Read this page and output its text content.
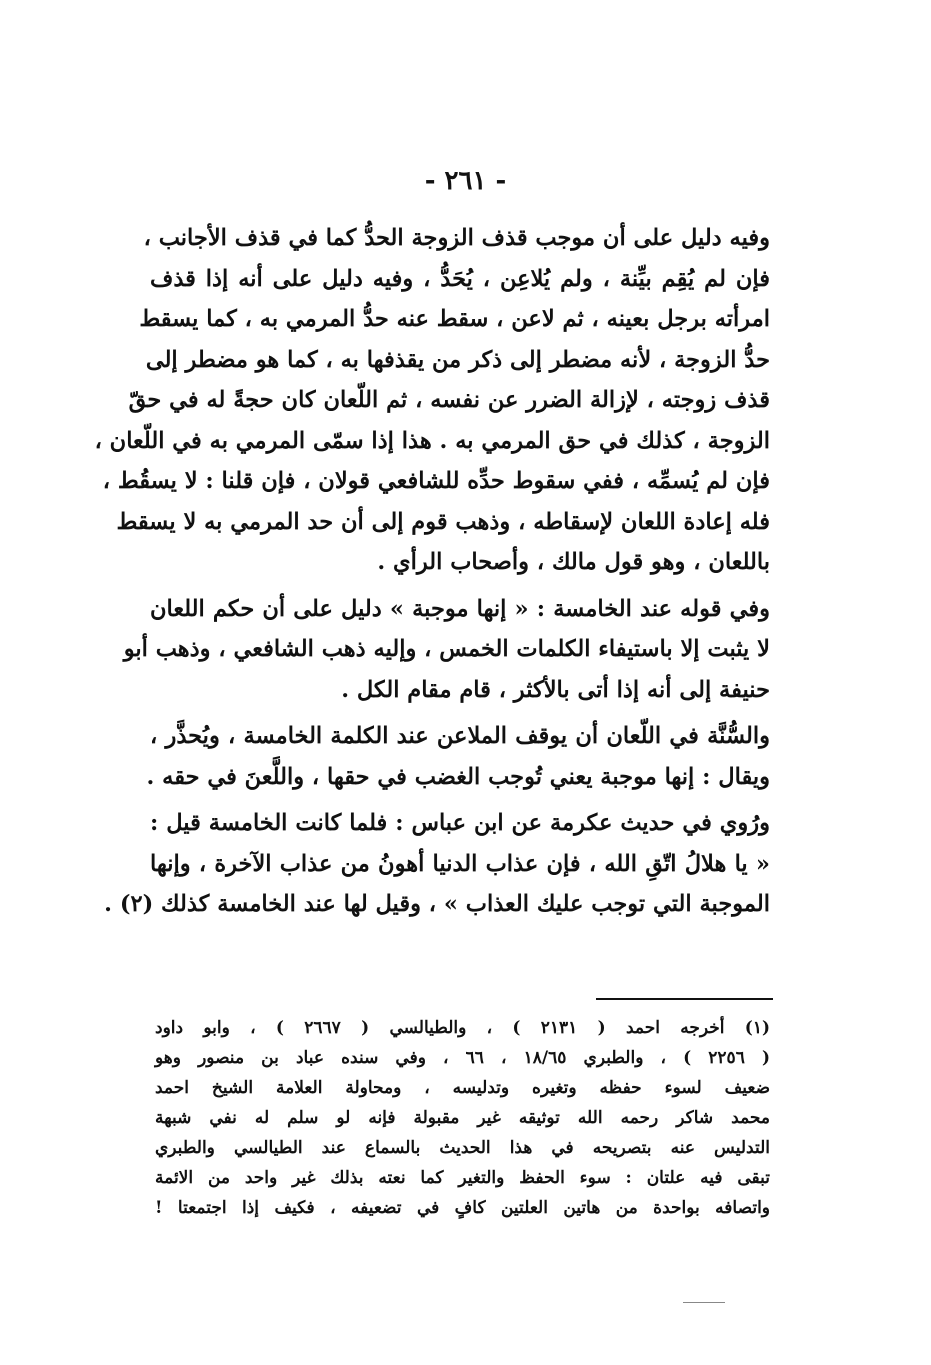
- ٢٦١ -
وفيه دليل على أن موجب قذف الزوجة الحدُّ كما في قذف الأجانب ،
فإن لم يُقِم بيِّنة ، ولم يُلاعِن ، يُحَدُّ ، وفيه دليل على أنه إذا قذف
امرأته برجل بعينه ، ثم لاعن ، سقط عنه حدُّ المرمي به ، كما يسقط
حدُّ الزوجة ، لأنه مضطر إلى ذكر من يقذفها به ، كما هو مضطر إلى
قذف زوجته ، لإزالة الضرر عن نفسه ، ثم اللّعان كان حجةً له في حقّ
الزوجة ، كذلك في حق المرمي به . هذا إذا سمّى المرمي به في اللّعان ،
فإن لم يُسمِّه ، ففي سقوط حدِّه للشافعي قولان ، فإن قلنا : لا يسقُط ،
فله إعادة اللعان لإسقاطه ، وذهب قوم إلى أن حد المرمي به لا يسقط
باللعان ، وهو قول مالك ، وأصحاب الرأي .
وفي قوله عند الخامسة : « إنها موجبة » دليل على أن حكم اللعان
لا يثبت إلا باستيفاء الكلمات الخمس ، وإليه ذهب الشافعي ، وذهب أبو
حنيفة إلى أنه إذا أتى بالأكثر ، قام مقام الكل .
والسُّنَّة في اللّعان أن يوقف الملاعن عند الكلمة الخامسة ، ويُحذَّر ،
ويقال : إنها موجبة يعني تُوجب الغضب في حقها ، واللَّعنَ في حقه .
ورُوي في حديث عكرمة عن ابن عباس : فلما كانت الخامسة قيل :
« يا هلالُ اتّقِ الله ، فإن عذاب الدنيا أهونُ من عذاب الآخرة ، وإنها
الموجبة التي توجب عليك العذاب » ، وقيل لها عند الخامسة كذلك (٢) .
(١) أخرجه احمد ( ٢١٣١ ) ، والطيالسي ( ٢٦٦٧ ) ، وابو داود
( ٢٢٥٦ ) ، والطبري ١٨/٦٥ ، ٦٦ ، وفي سنده عباد بن منصور وهو
ضعيف لسوء حفظه وتغيره وتدليسه ، ومحاولة العلامة الشيخ احمد
محمد شاكر رحمه الله توثيقه غير مقبولة فإنه لو سلم له نفي شبهة
التدليس عنه بتصريحه في هذا الحديث بالسماع عند الطيالسي والطبري
تبقى فيه علتان : سوء الحفظ والتغير كما نعته بذلك غير واحد من الائمة
واتصافه بواحدة من هاتين العلتين كافٍ في تضعيفه ، فكيف إذا اجتمعتا !
